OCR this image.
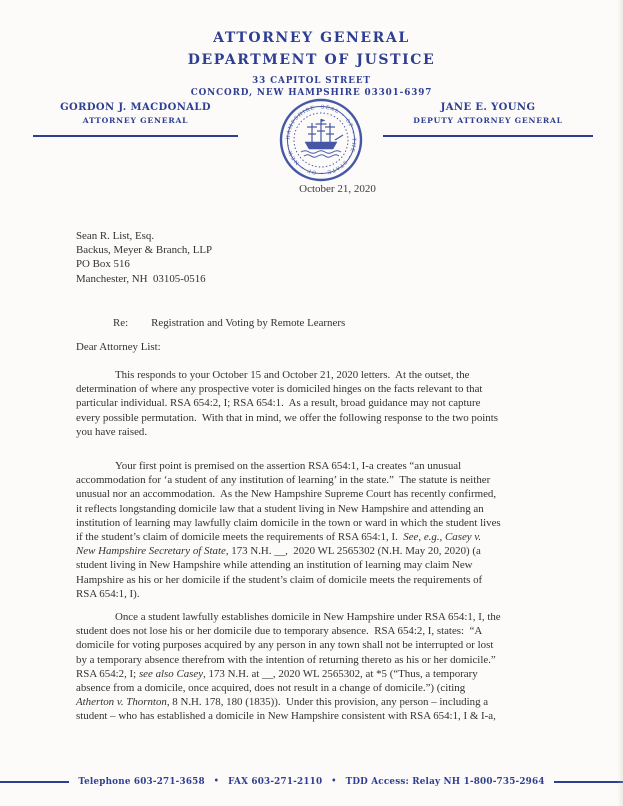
ATTORNEY GENERAL
DEPARTMENT OF JUSTICE
33 CAPITOL STREET
CONCORD, NEW HAMPSHIRE 03301-6397
GORDON J. MACDONALD
ATTORNEY GENERAL
JANE E. YOUNG
DEPUTY ATTORNEY GENERAL
SEAL • OF • THE • STATE • OF • NEW • HAMPSHIRE
October 21, 2020
Sean R. List, Esq.
Backus, Meyer & Branch, LLP
PO Box 516
Manchester, NH  03105-0516
Re: Registration and Voting by Remote Learners
Dear Attorney List:
This responds to your October 15 and October 21, 2020 letters.  At the outset, the
determination of where any prospective voter is domiciled hinges on the facts relevant to that
particular individual. RSA 654:2, I; RSA 654:1.  As a result, broad guidance may not capture
every possible permutation.  With that in mind, we offer the following response to the two points
you have raised.
Your first point is premised on the assertion RSA 654:1, I-a creates “an unusual
accommodation for ‘a student of any institution of learning’ in the state.”  The statute is neither
unusual nor an accommodation.  As the New Hampshire Supreme Court has recently confirmed,
it reflects longstanding domicile law that a student living in New Hampshire and attending an
institution of learning may lawfully claim domicile in the town or ward in which the student lives
if the student’s claim of domicile meets the requirements of RSA 654:1, I.  See, e.g., Casey v.
New Hampshire Secretary of State, 173 N.H. __,  2020 WL 2565302 (N.H. May 20, 2020) (a
student living in New Hampshire while attending an institution of learning may claim New
Hampshire as his or her domicile if the student’s claim of domicile meets the requirements of
RSA 654:1, I).
Once a student lawfully establishes domicile in New Hampshire under RSA 654:1, I, the
student does not lose his or her domicile due to temporary absence.  RSA 654:2, I, states:  “A
domicile for voting purposes acquired by any person in any town shall not be interrupted or lost
by a temporary absence therefrom with the intention of returning thereto as his or her domicile.”
RSA 654:2, I; see also Casey, 173 N.H. at __, 2020 WL 2565302, at *5 (“Thus, a temporary
absence from a domicile, once acquired, does not result in a change of domicile.”) (citing
Atherton v. Thornton, 8 N.H. 178, 180 (1835)).  Under this provision, any person – including a
student – who has established a domicile in New Hampshire consistent with RSA 654:1, I & I-a,
Telephone 603-271-3658 • FAX 603-271-2110 • TDD Access: Relay NH 1-800-735-2964
